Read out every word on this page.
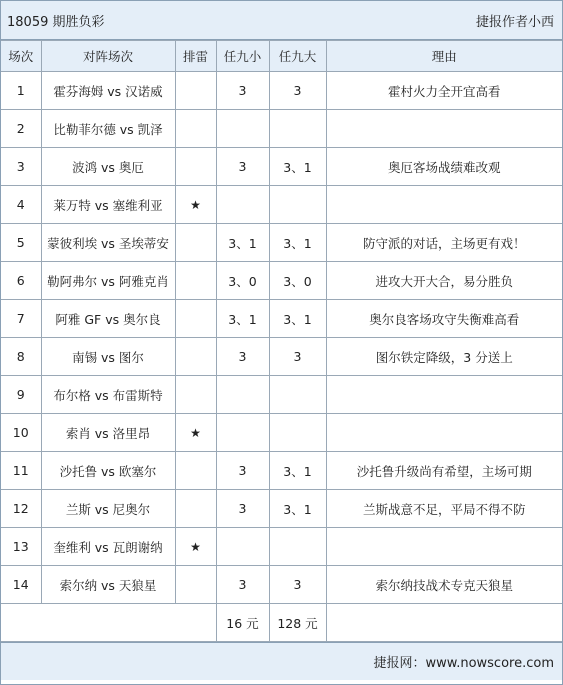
18059 期胜负彩	捷报作者小西
场次	对阵场次	排雷	任九小	任九大	理由
1	霍芬海姆 vs 汉诺威		3	3	霍村火力全开宜高看
2	比勒菲尔德 vs 凯泽				
3	波鸿 vs 奥厄		3	3、1	奥厄客场战绩难改观
4	莱万特 vs 塞维利亚	★			
5	蒙彼利埃 vs 圣埃蒂安		3、1	3、1	防守派的对话，主场更有戏！
6	勒阿弗尔 vs 阿雅克肖		3、0	3、0	进攻大开大合，易分胜负
7	阿雅 GF vs 奥尔良		3、1	3、1	奥尔良客场攻守失衡难高看
8	南锡 vs 图尔		3	3	图尔铁定降级，3 分送上
9	布尔格 vs 布雷斯特				
10	索肖 vs 洛里昂	★			
11	沙托鲁 vs 欧塞尔		3	3、1	沙托鲁升级尚有希望，主场可期
12	兰斯 vs 尼奥尔		3	3、1	兰斯战意不足，平局不得不防
13	奎维利 vs 瓦朗谢纳	★			
14	索尔纳 vs 天狼星		3	3	索尔纳技战术专克天狼星
			16 元	128 元	
捷报网：www.nowscore.com
